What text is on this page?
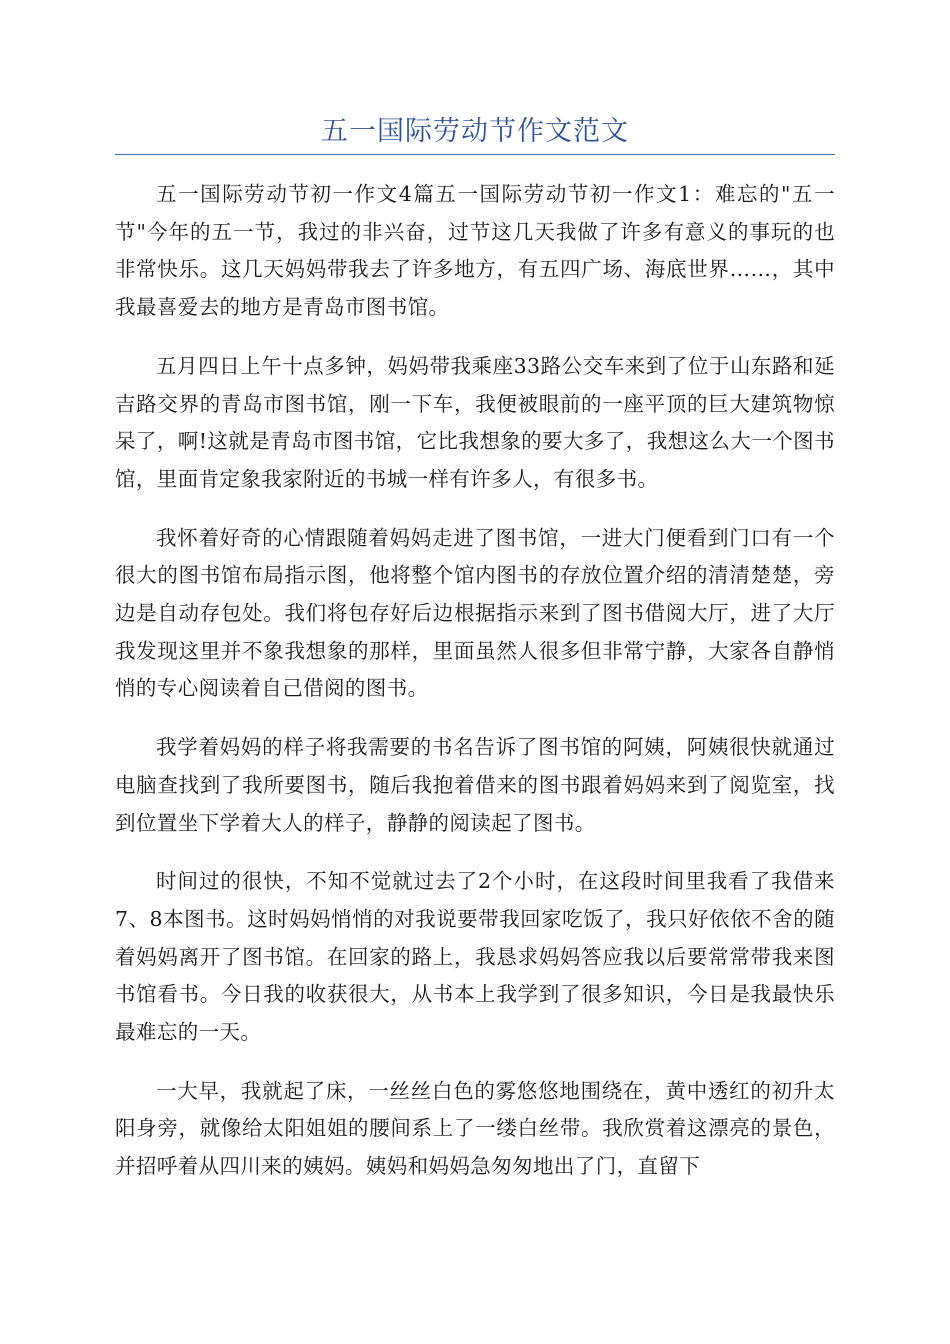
五一国际劳动节作文范文

五一国际劳动节初一作文4篇五一国际劳动节初一作文1：难忘的"五一节"今年的五一节，我过的非兴奋，过节这几天我做了许多有意义的事玩的也非常快乐。这几天妈妈带我去了许多地方，有五四广场、海底世界……，其中我最喜爱去的地方是青岛市图书馆。

五月四日上午十点多钟，妈妈带我乘座33路公交车来到了位于山东路和延吉路交界的青岛市图书馆，刚一下车，我便被眼前的一座平顶的巨大建筑物惊呆了，啊!这就是青岛市图书馆，它比我想象的要大多了，我想这么大一个图书馆，里面肯定象我家附近的书城一样有许多人，有很多书。

我怀着好奇的心情跟随着妈妈走进了图书馆，一进大门便看到门口有一个很大的图书馆布局指示图，他将整个馆内图书的存放位置介绍的清清楚楚，旁边是自动存包处。我们将包存好后边根据指示来到了图书借阅大厅，进了大厅我发现这里并不象我想象的那样，里面虽然人很多但非常宁静，大家各自静悄悄的专心阅读着自己借阅的图书。

我学着妈妈的样子将我需要的书名告诉了图书馆的阿姨，阿姨很快就通过电脑查找到了我所要图书，随后我抱着借来的图书跟着妈妈来到了阅览室，找到位置坐下学着大人的样子，静静的阅读起了图书。

时间过的很快，不知不觉就过去了2个小时，在这段时间里我看了我借来7、8本图书。这时妈妈悄悄的对我说要带我回家吃饭了，我只好依依不舍的随着妈妈离开了图书馆。在回家的路上，我恳求妈妈答应我以后要常常带我来图书馆看书。今日我的收获很大，从书本上我学到了很多知识，今日是我最快乐最难忘的一天。

一大早，我就起了床，一丝丝白色的雾悠悠地围绕在，黄中透红的初升太阳身旁，就像给太阳姐姐的腰间系上了一缕白丝带。我欣赏着这漂亮的景色，并招呼着从四川来的姨妈。姨妈和妈妈急匆匆地出了门，直留下
